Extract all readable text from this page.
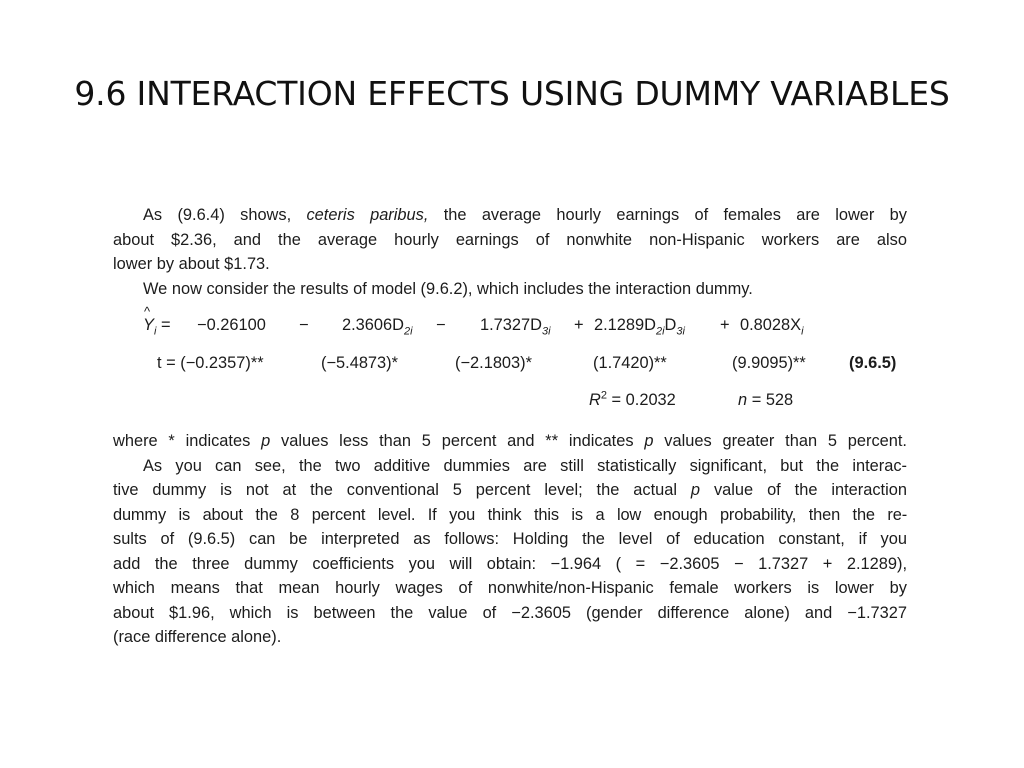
9.6 INTERACTION EFFECTS USING DUMMY VARIABLES
As (9.6.4) shows, ceteris paribus, the average hourly earnings of females are lower by
about $2.36, and the average hourly earnings of nonwhite non-Hispanic workers are also
lower by about $1.73.
We now consider the results of model (9.6.2), which includes the interaction dummy.
^ $Y_i = -0.26100 - 2.3606D_{2i} - 1.7327D_{3i} + 2.1289D_{2i}D_{3i} + 0.8028X_i$
t = (−0.2357)**	(−5.4873)*	(−2.1803)*	(1.7420)**	(9.9095)**	(9.6.5)
$R^2 = 0.2032$	n = 528
where * indicates p values less than 5 percent and ** indicates p values greater than 5 percent.
As you can see, the two additive dummies are still statistically significant, but the interac-
tive dummy is not at the conventional 5 percent level; the actual p value of the interaction
dummy is about the 8 percent level. If you think this is a low enough probability, then the re-
sults of (9.6.5) can be interpreted as follows: Holding the level of education constant, if you
add the three dummy coefficients you will obtain: −1.964 ( = −2.3605 − 1.7327 + 2.1289),
which means that mean hourly wages of nonwhite/non-Hispanic female workers is lower by
about $1.96, which is between the value of −2.3605 (gender difference alone) and −1.7327
(race difference alone).
